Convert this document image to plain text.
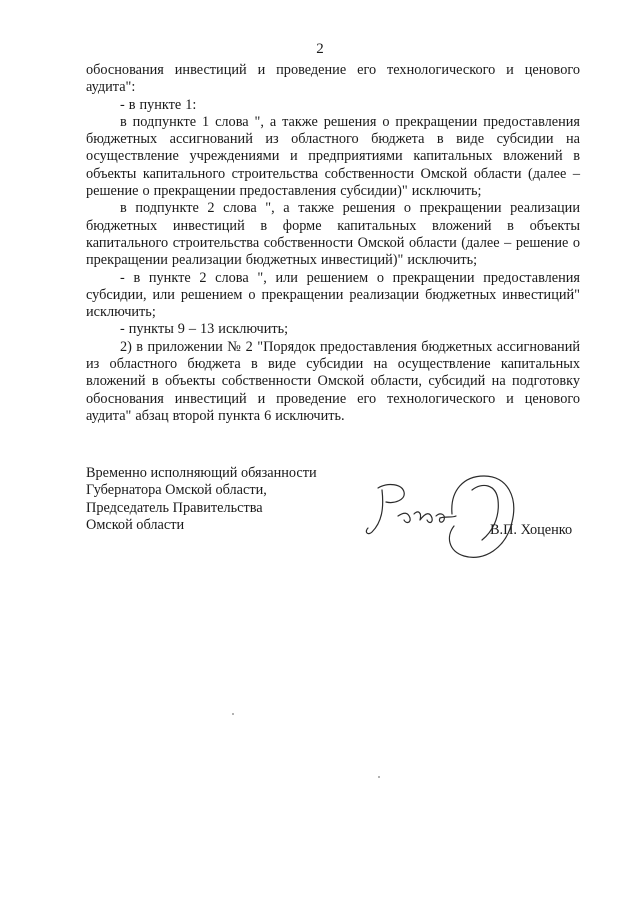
2

обоснования инвестиций и проведение его технологического и ценового аудита":

- в пункте 1:

в подпункте 1 слова ", а также решения о прекращении предоставления бюджетных ассигнований из областного бюджета в виде субсидии на осуществление учреждениями и предприятиями капитальных вложений в объекты капитального строительства собственности Омской области (далее – решение о прекращении предоставления субсидии)" исключить;

в подпункте 2 слова ", а также решения о прекращении реализации бюджетных инвестиций в форме капитальных вложений в объекты капитального строительства собственности Омской области (далее – решение о прекращении реализации бюджетных инвестиций)" исключить;

- в пункте 2 слова ", или решением о прекращении предоставления субсидии, или решением о прекращении реализации бюджетных инвестиций" исключить;

- пункты 9 – 13 исключить;

2) в приложении № 2 "Порядок предоставления бюджетных ассигнований из областного бюджета в виде субсидии на осуществление капитальных вложений в объекты собственности Омской области, субсидий на подготовку обоснования инвестиций и проведение его технологического и ценового аудита" абзац второй пункта 6 исключить.

Временно исполняющий обязанности
Губернатора Омской области,
Председатель Правительства
Омской области	В.П. Хоценко
